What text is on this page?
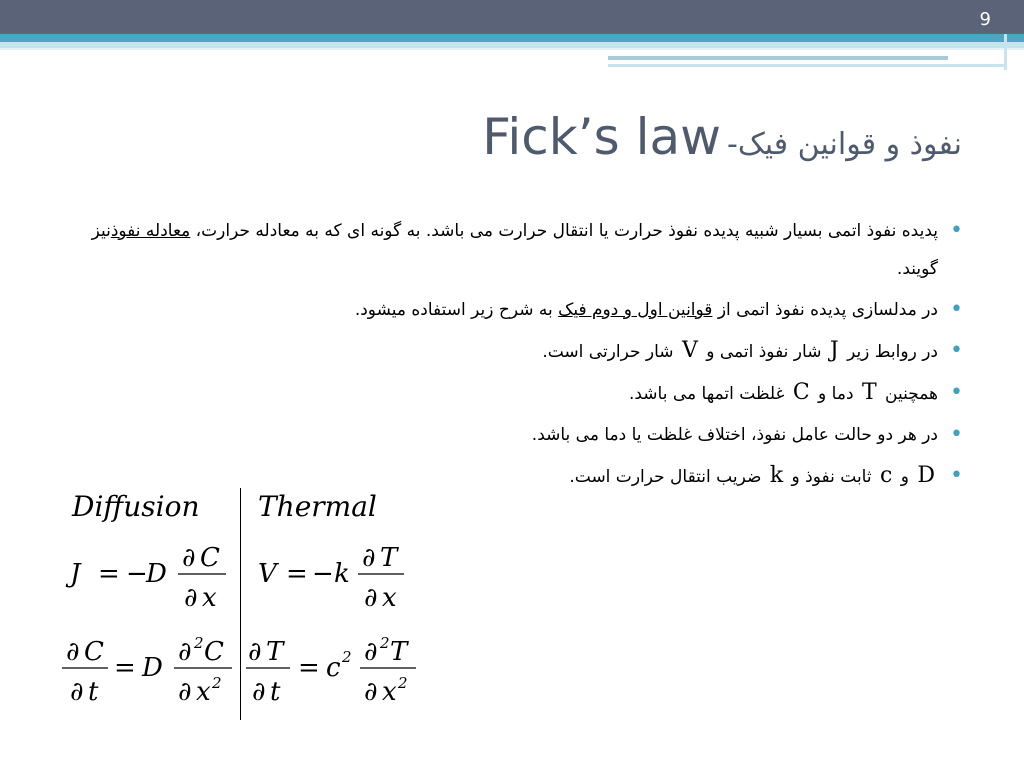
9
Fick’s law -نفوذ و قوانین فیک
• پدیده نفوذ اتمی بسیار شبیه پدیده نفوذ حرارت یا انتقال حرارت می باشد. به گونه ای که به معادله حرارت، معادله نفوذنیز گویند.
• در مدلسازی پدیده نفوذ اتمی از قوانین اول و دوم فیک به شرح زیر استفاده میشود.
• در روابط زیر J شار نفوذ اتمی و V شار حرارتی است.
• همچنین T دما و C غلظت اتمها می باشد.
• در هر دو حالت عامل نفوذ، اختلاف غلظت یا دما می باشد.
• D و c ثابت نفوذ و k ضریب انتقال حرارت است.
Diffusion Thermal
J = −
D
∂ C
∂ x
V = − k
∂ T
∂ x
∂ C
∂ t
= D
∂ 2 C
∂ x 2
∂ T
∂ t
= c 2 ∂ 2 T
∂ x 2
